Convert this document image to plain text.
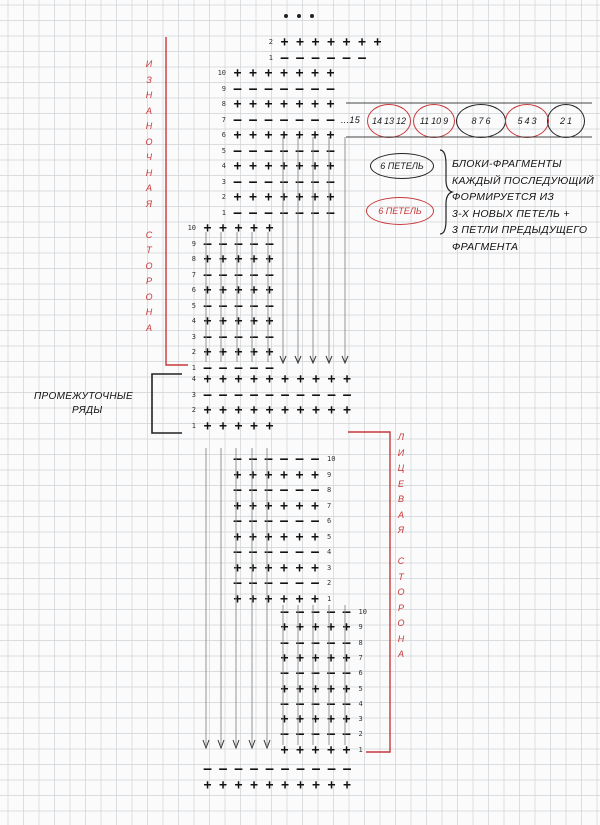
И
З
Н
А
Н
О
Ч
Н
А
Я
С
Т
О
Р
О
Н
А
Л
И
Ц
Е
В
А
Я
С
Т
О
Р
О
Н
А
ПРОМЕЖУТОЧНЫЕ
РЯДЫ
...15 14 13 12 11 10 9	8 7 6	5 4 3	2 1
6 ПЕТЕЛЬ
6 ПЕТЕЛЬ
БЛОКИ-ФРАГМЕНТЫ
КАЖДЫЙ ПОСЛЕДУЮЩИЙ
ФОРМИРУЕТСЯ ИЗ
3-Х НОВЫХ ПЕТЕЛЬ +
3 ПЕТЛИ ПРЕДЫДУЩЕГО
ФРАГМЕНТА
2 + + + + + + +
1 — — — — — —
10 + + + + + + +
9 — — — — — — —
8 + + + + + + +
7 — — — — — — —
6 + + + + + + +
5 — — — — — — —
4 + + + + + + +
3 — — — — — — —
2 + + + + + + +
1 — — — — — — —
10 + + + + +
9 — — — — —
8 + + + + +
7 — — — — —
6 + + + + +
5 — — — — —
4 + + + + +
3 — — — — —
2 + + + + +
1 — — — — —
4 + + + + + + + + + +
3 — — — — — — — — — —
2 + + + + + + + + + +
1 + + + + +
10
— — — — — —
9
+ + + + + +
8
— — — — — —
7
+ + + + + +
6
— — — — — —
5
+ + + + + +
4
— — — — — —
3
+ + + + + +
2
— — — — — —
1
+ + + + + +
10
— — — — —
9
+ + + + +
8
— — — — —
7
+ + + + +
6
— — — — —
5
+ + + + +
4
— — — — —
3
+ + + + +
2
— — — — —
1
+ + + + +
— — — — — — — — — —
+ + + + + + + + + +
